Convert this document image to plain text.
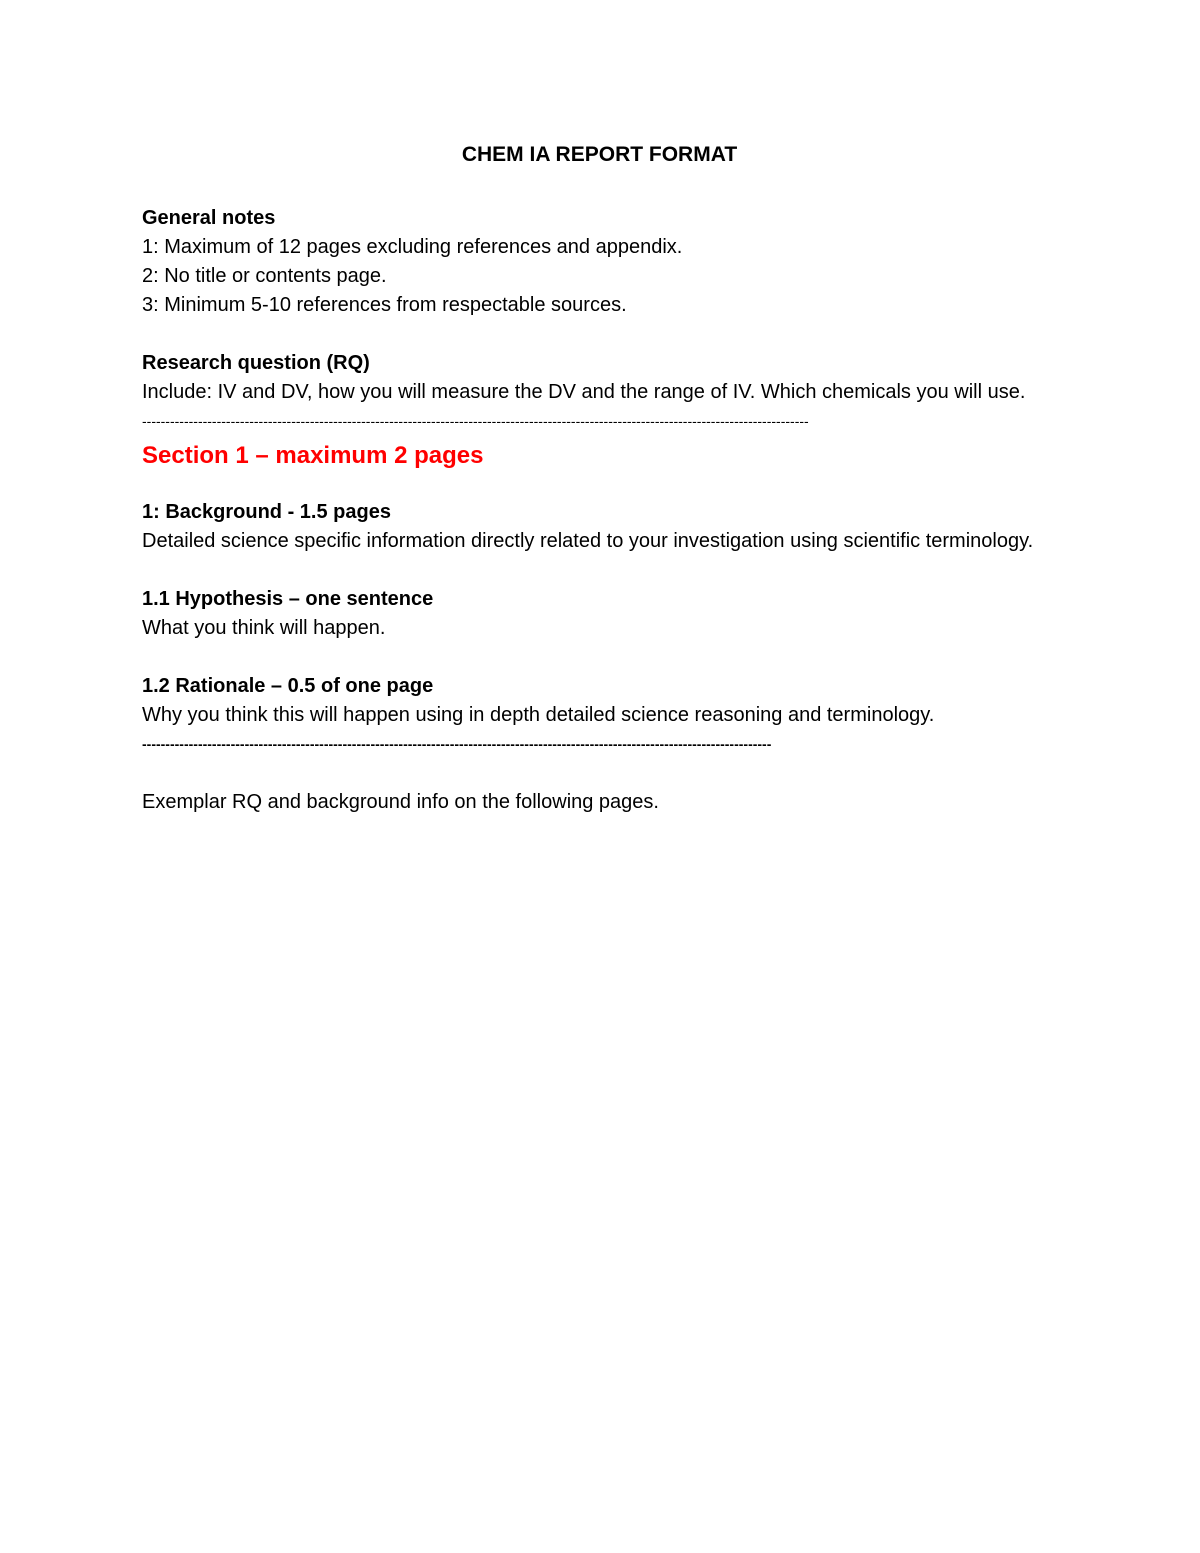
CHEM IA REPORT FORMAT

General notes

1: Maximum of 12 pages excluding references and appendix.

2: No title or contents page.

3: Minimum 5-10 references from respectable sources.

Research question (RQ)

Include: IV and DV, how you will measure the DV and the range of IV. Which chemicals you will use.

-----------------------------------------------------------------------------------------------------------------------------------------------

Section 1 – maximum 2 pages

1: Background - 1.5 pages

Detailed science specific information directly related to your investigation using scientific terminology.

1.1 Hypothesis – one sentence

What you think will happen.

1.2 Rationale – 0.5 of one page

Why you think this will happen using in depth detailed science reasoning and terminology.

---------------------------------------------------------------------------------------------------------------------------------------

Exemplar RQ and background info on the following pages.
